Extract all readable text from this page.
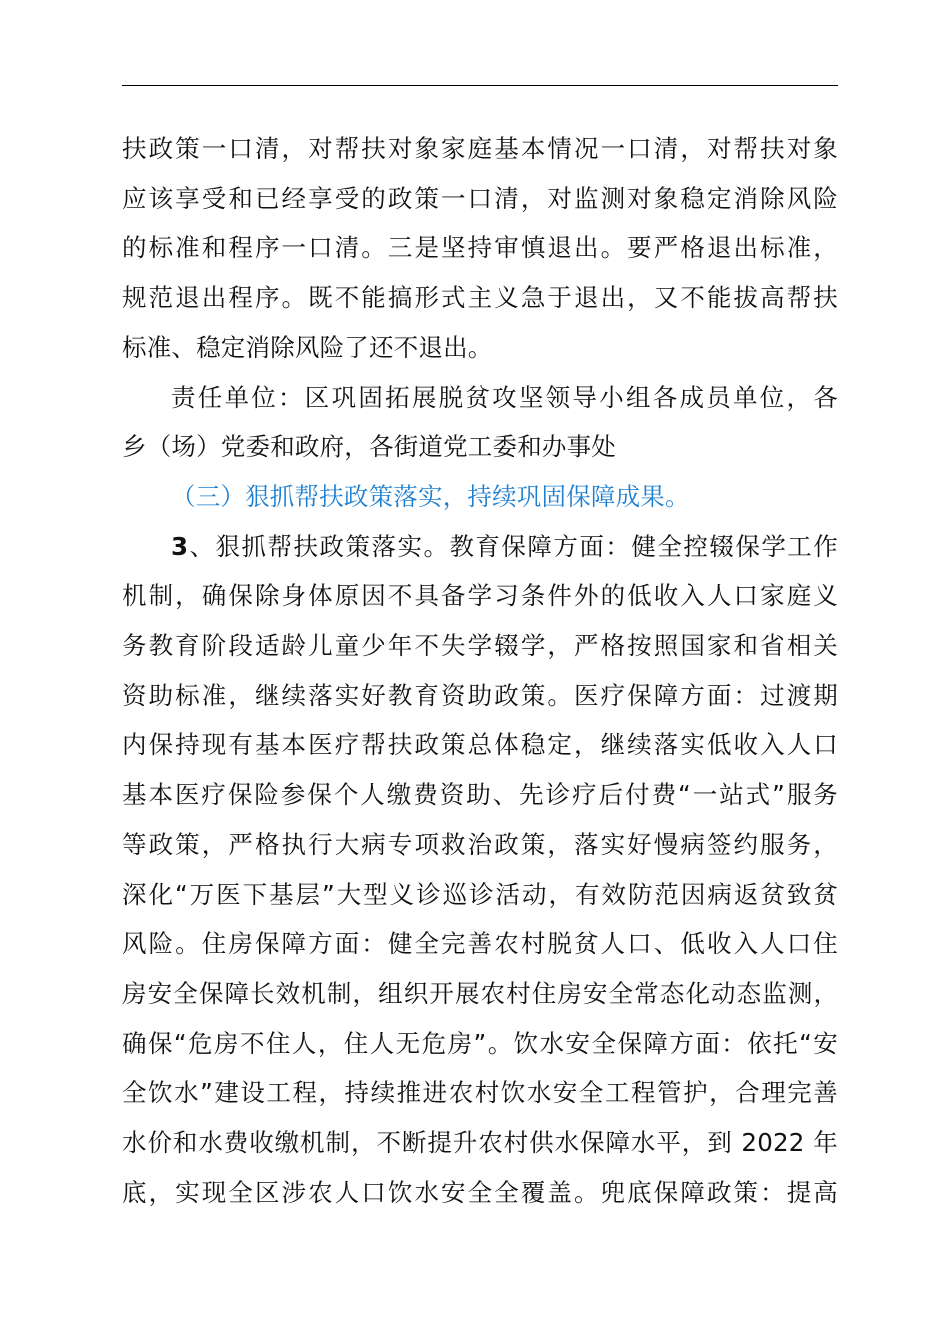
扶政策一口清，对帮扶对象家庭基本情况一口清，对帮扶对象
应该享受和已经享受的政策一口清，对监测对象稳定消除风险
的标准和程序一口清。三是坚持审慎退出。要严格退出标准，
规范退出程序。既不能搞形式主义急于退出，又不能拔高帮扶
标准、稳定消除风险了还不退出。
责任单位：区巩固拓展脱贫攻坚领导小组各成员单位，各
乡（场）党委和政府，各街道党工委和办事处
（三）狠抓帮扶政策落实，持续巩固保障成果。
3、狠抓帮扶政策落实。教育保障方面：健全控辍保学工作
机制，确保除身体原因不具备学习条件外的低收入人口家庭义
务教育阶段适龄儿童少年不失学辍学，严格按照国家和省相关
资助标准，继续落实好教育资助政策。医疗保障方面：过渡期
内保持现有基本医疗帮扶政策总体稳定，继续落实低收入人口
基本医疗保险参保个人缴费资助、先诊疗后付费“一站式”服务
等政策，严格执行大病专项救治政策，落实好慢病签约服务，
深化“万医下基层”大型义诊巡诊活动，有效防范因病返贫致贫
风险。住房保障方面：健全完善农村脱贫人口、低收入人口住
房安全保障长效机制，组织开展农村住房安全常态化动态监测，
确保“危房不住人，住人无危房”。饮水安全保障方面：依托“安
全饮水”建设工程，持续推进农村饮水安全工程管护，合理完善
水价和水费收缴机制，不断提升农村供水保障水平，到 2022 年
底，实现全区涉农人口饮水安全全覆盖。兜底保障政策：提高
